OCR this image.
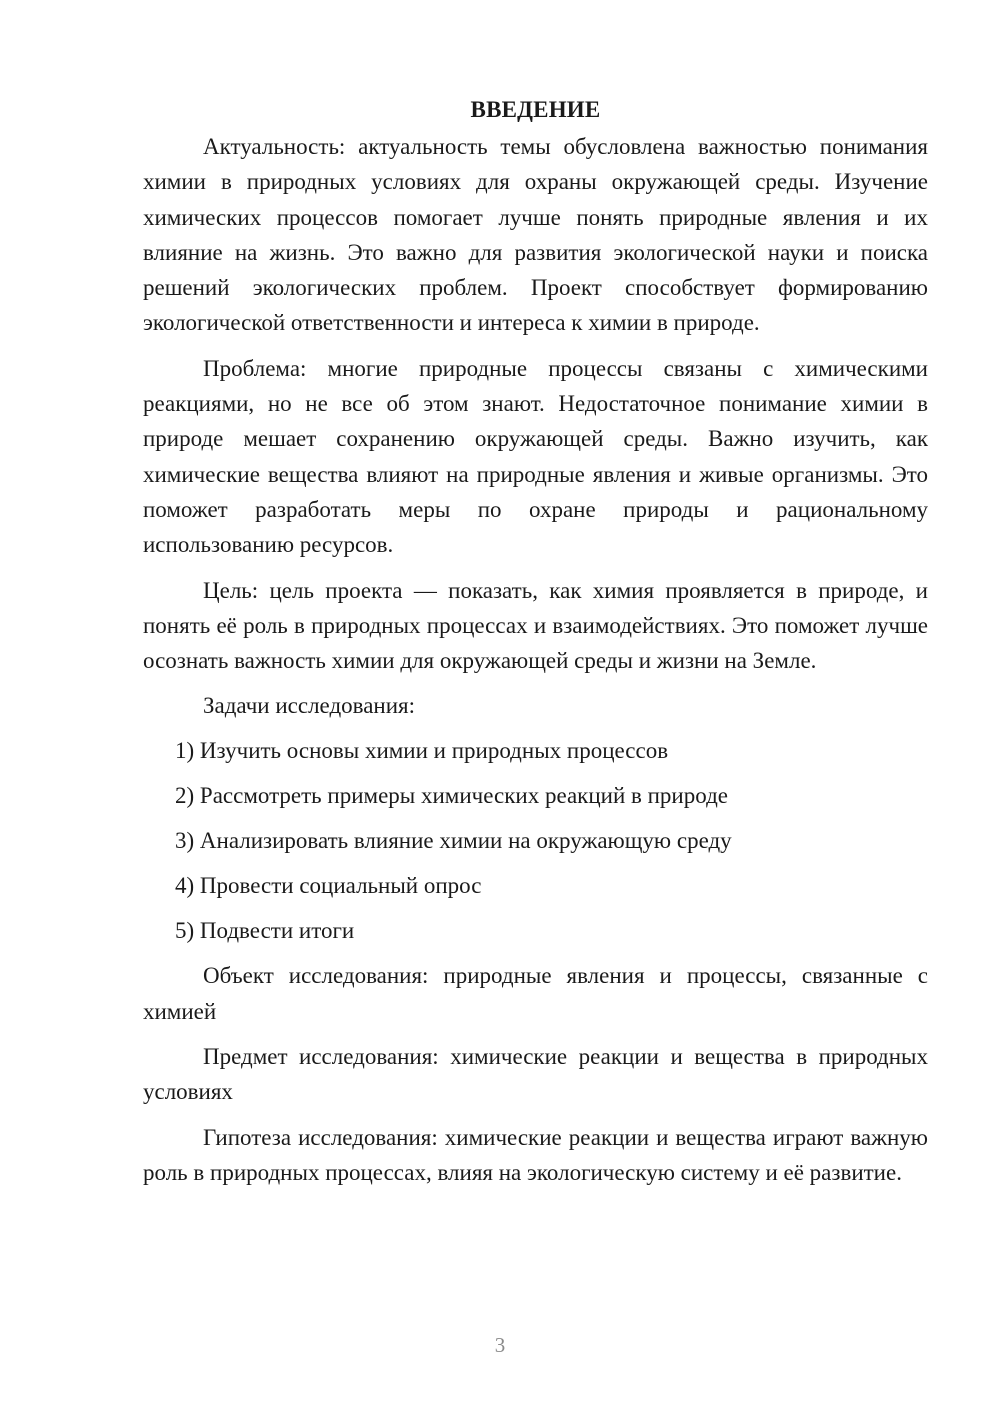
ВВЕДЕНИЕ

Актуальность: актуальность темы обусловлена важностью понимания химии в природных условиях для охраны окружающей среды. Изучение химических процессов помогает лучше понять природные явления и их влияние на жизнь. Это важно для развития экологической науки и поиска решений экологических проблем. Проект способствует формированию экологической ответственности и интереса к химии в природе.

Проблема: многие природные процессы связаны с химическими реакциями, но не все об этом знают. Недостаточное понимание химии в природе мешает сохранению окружающей среды. Важно изучить, как химические вещества влияют на природные явления и живые организмы. Это поможет разработать меры по охране природы и рациональному использованию ресурсов.

Цель: цель проекта — показать, как химия проявляется в природе, и понять её роль в природных процессах и взаимодействиях. Это поможет лучше осознать важность химии для окружающей среды и жизни на Земле.

Задачи исследования:

1) Изучить основы химии и природных процессов
2) Рассмотреть примеры химических реакций в природе
3) Анализировать влияние химии на окружающую среду
4) Провести социальный опрос
5) Подвести итоги

Объект исследования: природные явления и процессы, связанные с химией

Предмет исследования: химические реакции и вещества в природных условиях

Гипотеза исследования: химические реакции и вещества играют важную роль в природных процессах, влияя на экологическую систему и её развитие.

3
